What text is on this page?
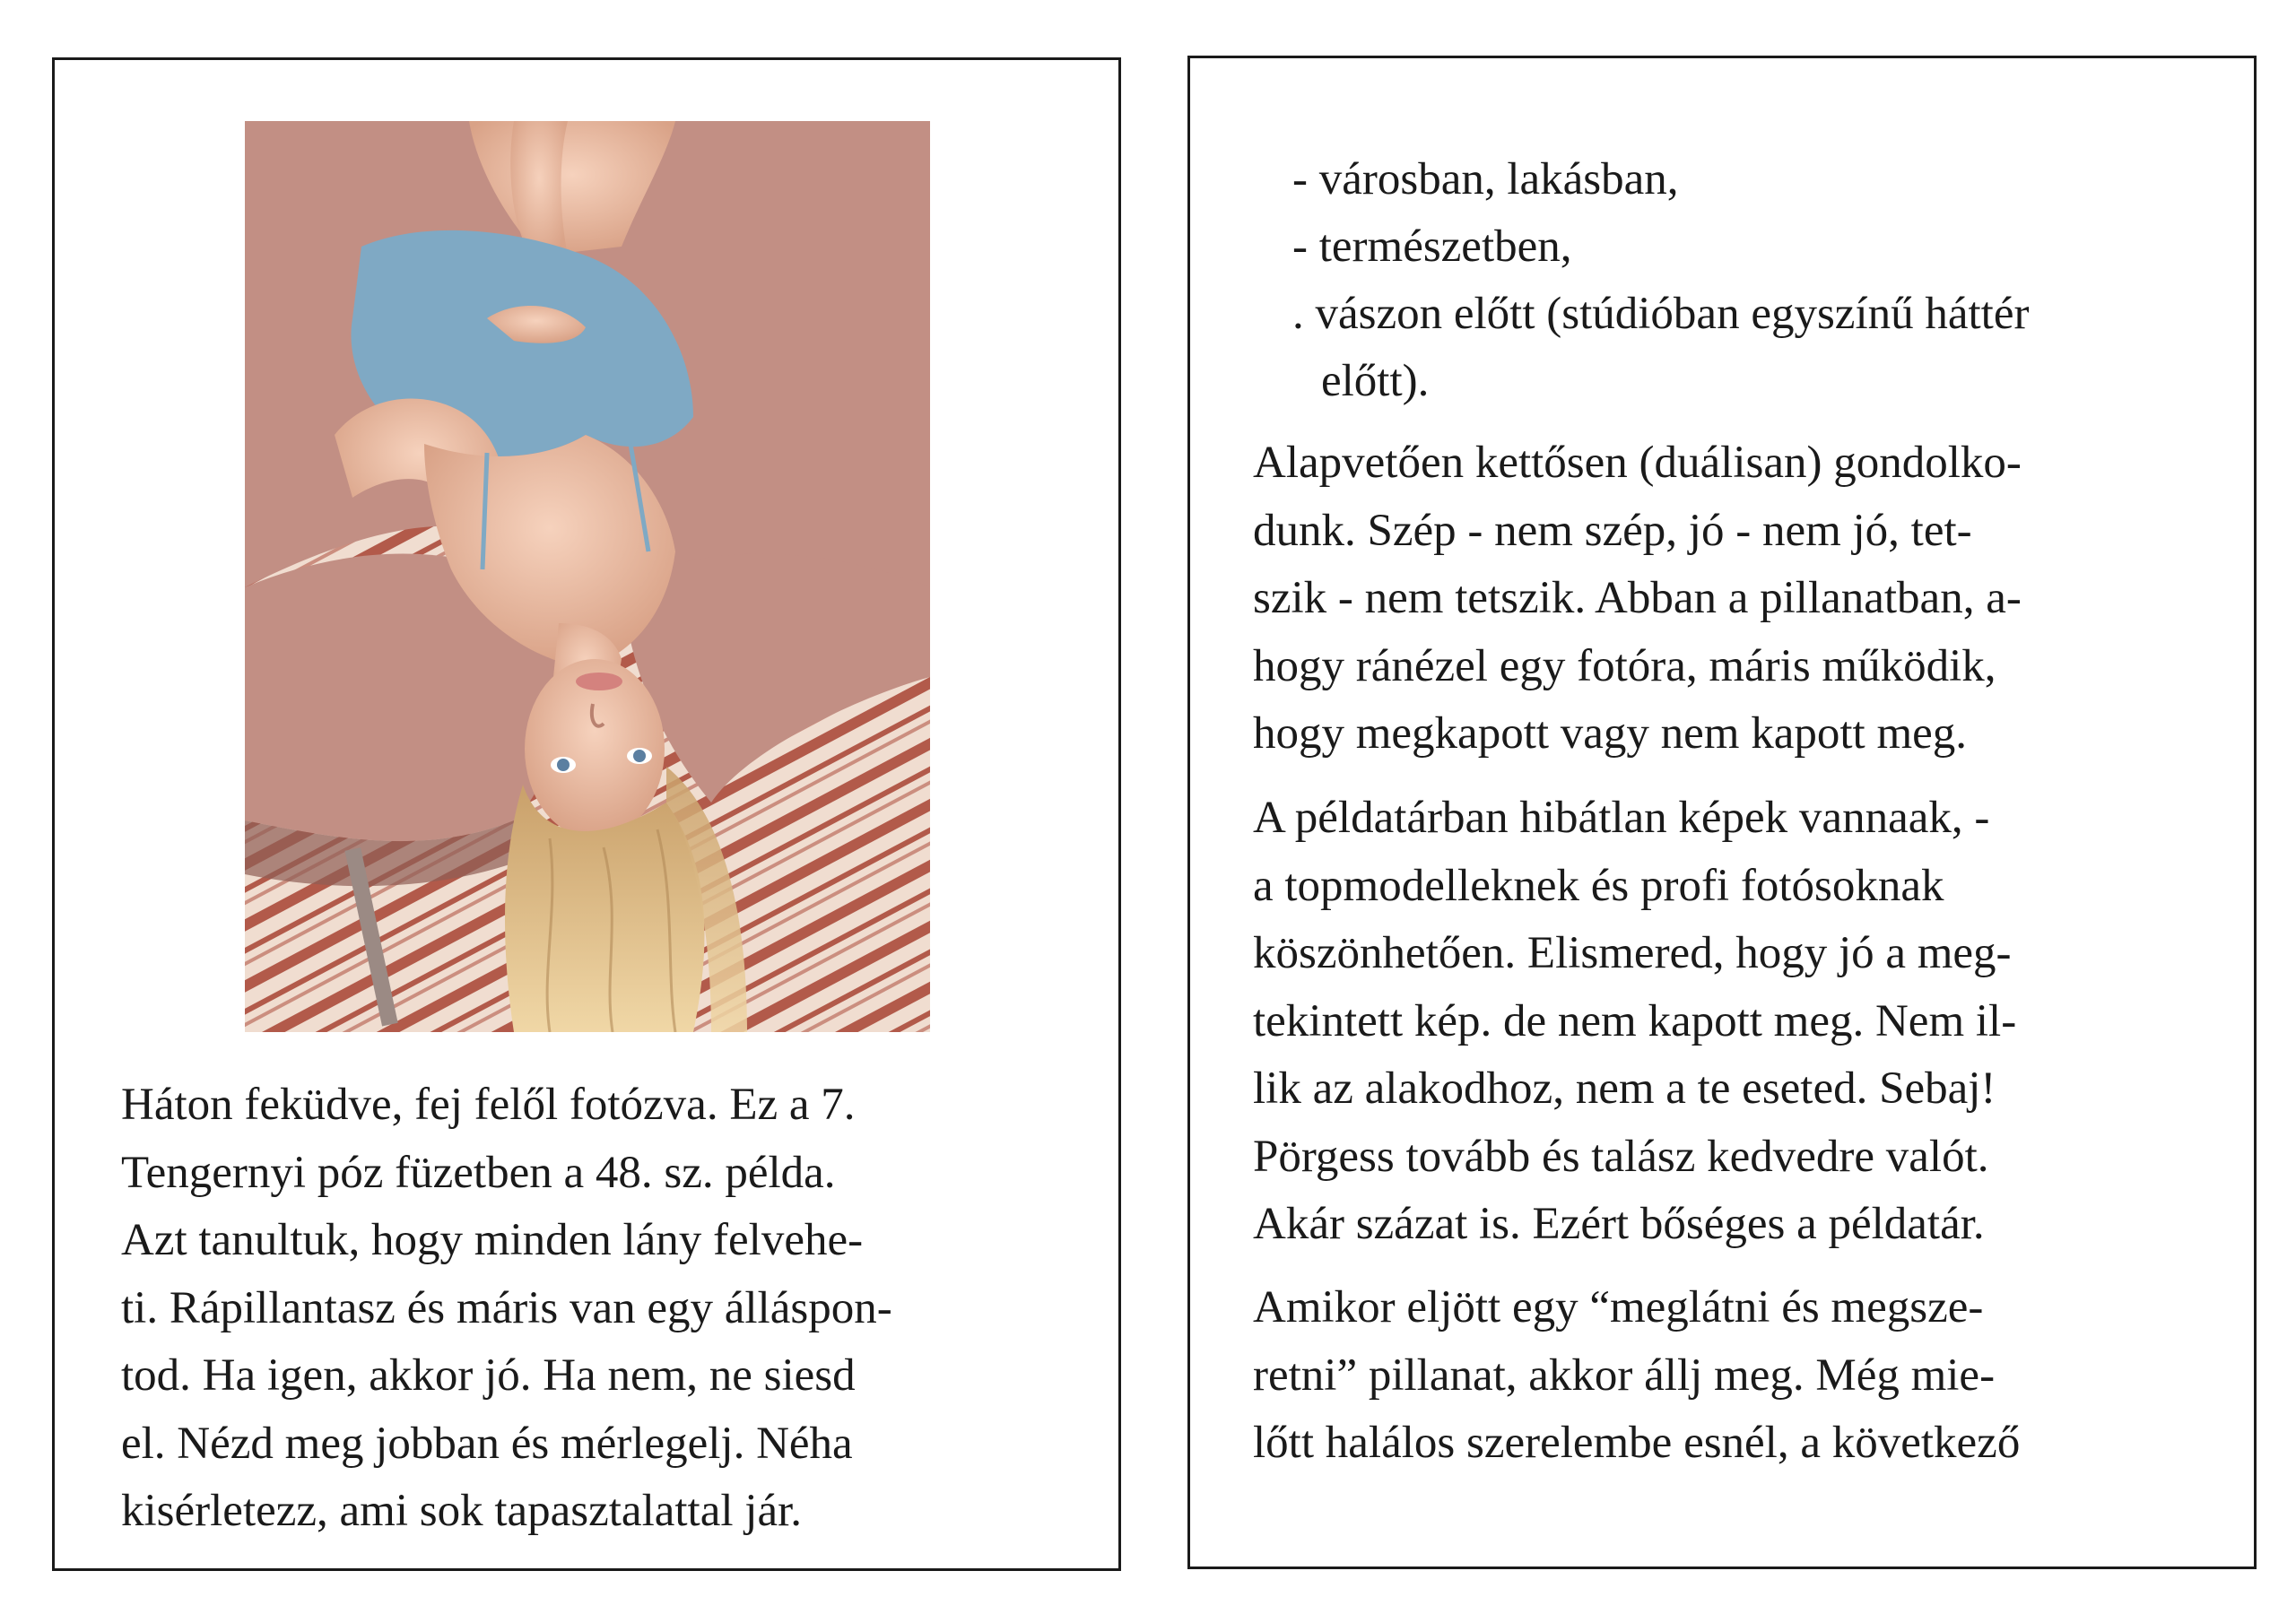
Háton feküdve, fej felől fotózva. Ez a 7.
Tengernyi póz füzetben a 48. sz. példa.
Azt tanultuk, hogy minden lány felvehe-
ti. Rápillantasz és máris van egy álláspon-
tod. Ha igen, akkor jó. Ha nem, ne siesd
el. Nézd meg jobban és mérlegelj. Néha
kisérletezz, ami sok tapasztalattal jár.

- városban, lakásban,
- természetben,
. vászon előtt (stúdióban egyszínű háttér
előtt).

Alapvetően kettősen (duálisan) gondolko-
dunk. Szép - nem szép, jó - nem jó, tet-
szik - nem tetszik. Abban a pillanatban, a-
hogy ránézel egy fotóra, máris működik,
hogy megkapott vagy nem kapott meg.

A példatárban hibátlan képek vannaak, -
a topmodelleknek és profi fotósoknak
köszönhetően. Elismered, hogy jó a meg-
tekintett kép. de nem kapott meg. Nem il-
lik az alakodhoz, nem a te eseted. Sebaj!
Pörgess tovább és talász kedvedre valót.
Akár százat is. Ezért bőséges a példatár.

Amikor eljött egy “meglátni és megsze-
retni” pillanat, akkor állj meg. Még mie-
lőtt halálos szerelembe esnél, a következő
